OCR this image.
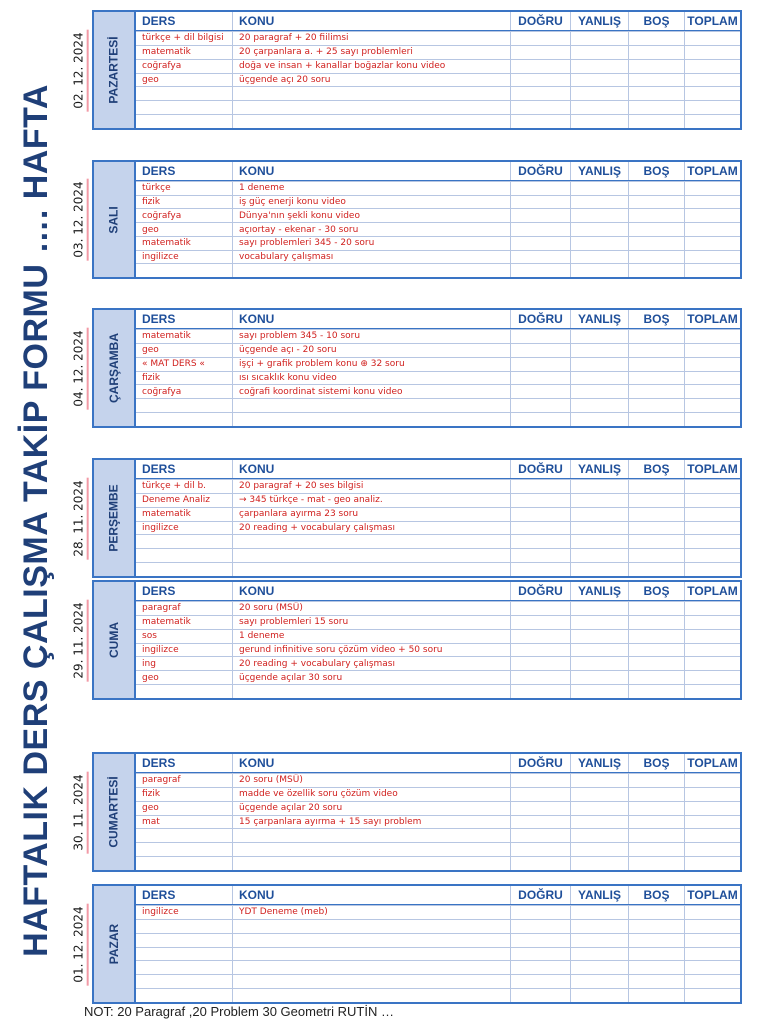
HAFTALIK DERS ÇALIŞMA TAKİP FORMU …. HAFTA
02. 12. 2024 PAZARTESİ
DERS	KONU	DOĞRU	YANLIŞ	BOŞ	TOPLAM
türkçe + dil bilgisi	20 paragraf + 20 fiilimsi
matematik	20 çarpanlara a. + 25 sayı problemleri
coğrafya	doğa ve insan + kanallar boğazlar konu video
geo	üçgende açı 20 soru
03. 12. 2024 SALI
DERS	KONU	DOĞRU	YANLIŞ	BOŞ	TOPLAM
türkçe	1 deneme
fizik	iş güç enerji konu video
coğrafya	Dünya'nın şekli konu video
geo	açıortay - ekenar - 30 soru
matematik	sayı problemleri 345 - 20 soru
ingilizce	vocabulary çalışması
04. 12. 2024 ÇARŞAMBA
DERS	KONU	DOĞRU	YANLIŞ	BOŞ	TOPLAM
matematik	sayı problem 345 - 10 soru
geo	üçgende açı - 20 soru
« MAT DERS «	işçi + grafik problem konu ⊕ 32 soru
fizik	ısı sıcaklık konu video
coğrafya	coğrafi koordinat sistemi konu video
28. 11. 2024 PERŞEMBE
DERS	KONU	DOĞRU	YANLIŞ	BOŞ	TOPLAM
türkçe + dil b.	20 paragraf + 20 ses bilgisi
Deneme Analiz	→ 345 türkçe - mat - geo analiz.
matematik	çarpanlara ayırma 23 soru
ingilizce	20 reading + vocabulary çalışması
29. 11. 2024 CUMA
DERS	KONU	DOĞRU	YANLIŞ	BOŞ	TOPLAM
paragraf	20 soru (MSÜ)
matematik	sayı problemleri 15 soru
sos	1 deneme
ingilizce	gerund infinitive soru çözüm video + 50 soru
ing	20 reading + vocabulary çalışması
geo	üçgende açılar 30 soru
30. 11. 2024 CUMARTESİ
DERS	KONU	DOĞRU	YANLIŞ	BOŞ	TOPLAM
paragraf	20 soru (MSÜ)
fizik	madde ve özellik soru çözüm video
geo	üçgende açılar 20 soru
mat	15 çarpanlara ayırma + 15 sayı problem
01. 12. 2024 PAZAR
DERS	KONU	DOĞRU	YANLIŞ	BOŞ	TOPLAM
ingilizce	YDT Deneme (meb)
NOT: 20 Paragraf ,20 Problem 30 Geometri RUTİN …
